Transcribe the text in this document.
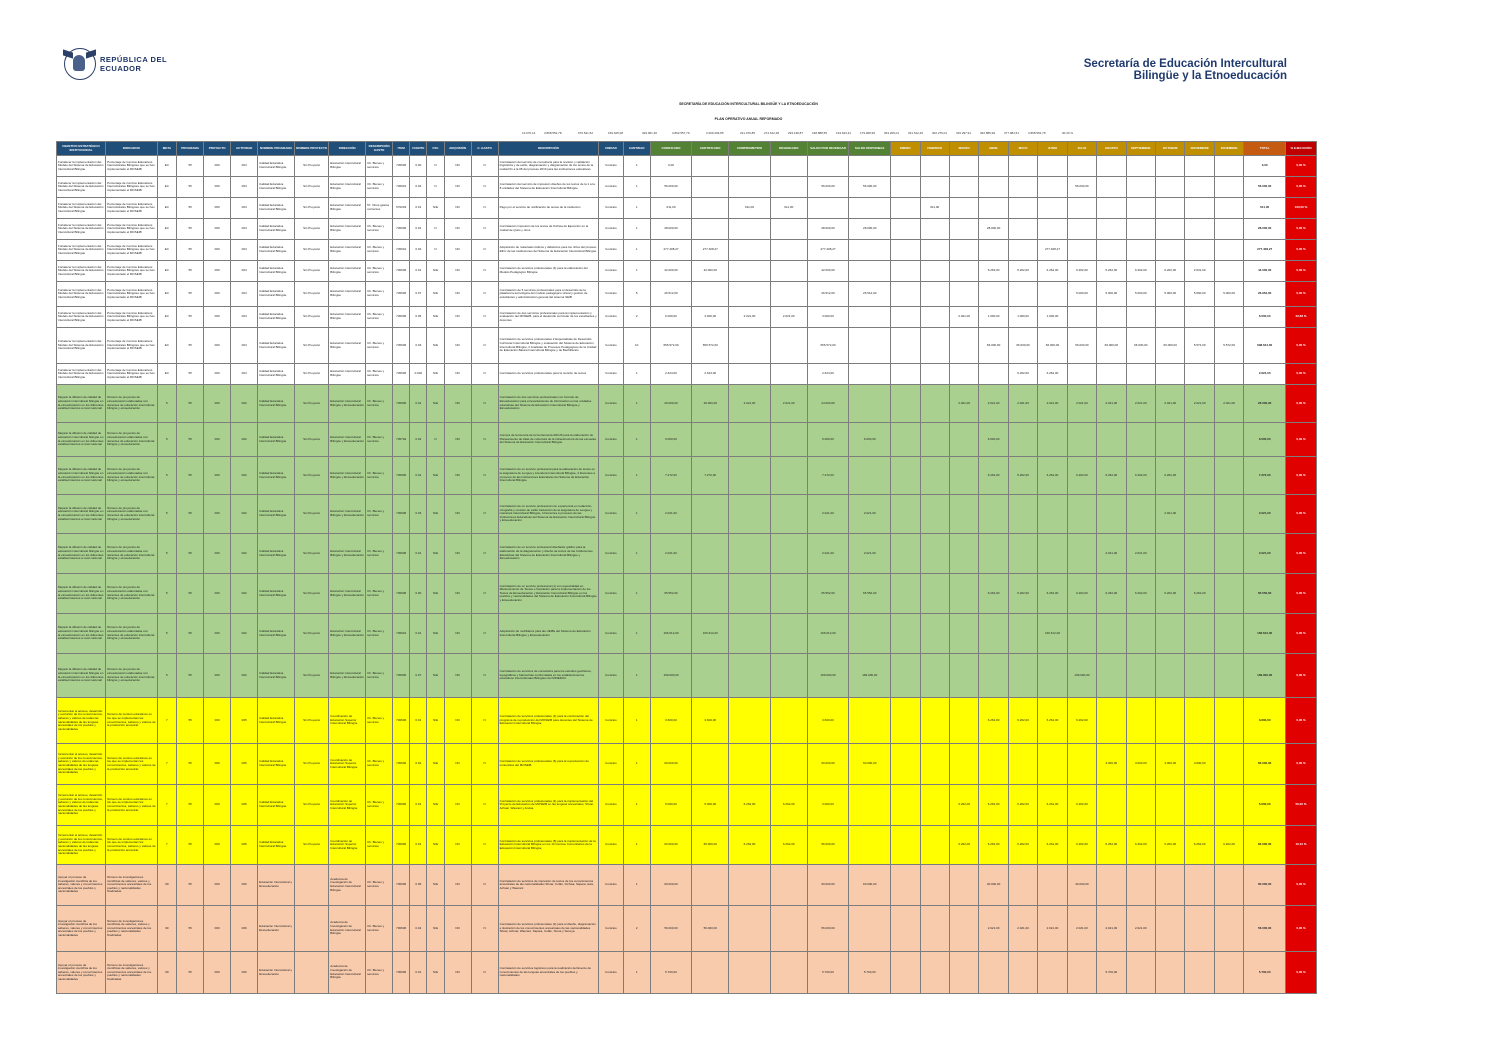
REPÚBLICA DEL ECUADOR	Secretaría de Educación Intercultural
Bilingüe y la Etnoeducación
SECRETARÍA DE EDUCACIÓN INTERCULTURAL BILINGÜE Y LA ETNOEDUCACIÓN
PLAN OPERATIVO ANUAL REFORMADO
13.670,14	3.868.552,78	676.521,52	159.625,08	329.061,30	3.892.557,79	3.209.209,85	221.076,85	274.612,28	293.138,87	168.888,55	193.623,31	179.008,95	363.209,01	331.612,25	302.279,01	315.297,91	362.885,99	377.984,51	3.868.552,78	30,30 %
OBJETIVO ESTRATÉGICO INSTITUCIONAL	INDICADOR	META	PROGRAMA	PROYECTO	ACTIVIDAD	NOMBRE PROGRAMA	NOMBRE PROYECTO	DIRECCIÓN	DESCRIPCIÓN GASTO	ITEM	FUENTE	FSC	ADQUISIÓN	C. GASTO	DESCRIPCIÓN	UNIDAD	CANTIDAD	CODIFICADO	CERTIFICADO	COMPROMETIDO	DEVENGADO	SALDO POR DEVENGAR	SALDO DISPONIBLE	ENERO	FEBRERO	MARZO	ABRIL	MAYO	JUNIO	JULIO	AGOSTO	SEPTIEMBRE	OCTUBRE	NOVIEMBRE	DICIEMBRE	TOTAL	% EJECUCIÓN
Fortalecer la implementación del Modelo del Sistema de Educación Intercultural Bilingüe	Porcentaje de Centros Educativos Interculturales Bilingües que se han implementado el MOSEIB	EC	55	000	004	Calidad Educativa Intercultural Bilingüe	Sin Proyecto	Educación Intercultural Bilingüe	Ch. Bienes y servicios	730606	0.00	N	NO	N	Contratación del servicio de consultoría para la revisión y validación lingüística y de estilo, diagramación y diagramación de los textos de la unidad 61 a la 65 del proceso 2019 para las instituciones educativas	Contrato	1	0,00																		0,00	0,00 %
Fortalecer la implementación del Modelo del Sistema de Educación Intercultural Bilingüe	Porcentaje de Centros Educativos Interculturales Bilingües que se han implementado el MOSEIB	EC	55	000	004	Calidad Educativa Intercultural Bilingüe	Sin Proyecto	Educación Intercultural Bilingüe	Ch. Bienes y servicios	730601	0.02	N	NO	N	Contratación del servicio de impresión diseños de los textos de la 1 a la 8 unidades del Sistema de Educación Intercultural Bilingüe	Contrato	1	56.000,00				56.000,00	56.000,00							56.000,00						56.000,00	0,00 %
Fortalecer la implementación del Modelo del Sistema de Educación Intercultural Bilingüe	Porcentaje de Centros Educativos Interculturales Bilingües que se han implementado el MOSEIB	EC	55	000	004	Calidad Educativa Intercultural Bilingüe	Sin Proyecto	Educación Intercultural Bilingüe	57. Otros gastos corrientes	570203	0.01	N/E	NO	N	Pago por el servicio de notificación de textos de la institución	Contrato	1	611,00		611,00	611,00				611,00											611,00	100,00 %
Fortalecer la implementación del Modelo del Sistema de Educación Intercultural Bilingüe	Porcentaje de Centros Educativos Interculturales Bilingües que se han implementado el MOSEIB	EC	55	000	004	Calidad Educativa Intercultural Bilingüe	Sin Proyecto	Educación Intercultural Bilingüe	Ch. Bienes y servicios	730606	0.01	N	NO	N	Contratación impresión de los textos de Kichwa de Ejecución en la ciudad de Quito y otros	Contrato	1	28.000,00				28.000,00	28.000,00				28.000,00									28.000,00	0,00 %
Fortalecer la implementación del Modelo del Sistema de Educación Intercultural Bilingüe	Porcentaje de Centros Educativos Interculturales Bilingües que se han implementado el MOSEIB	EC	55	000	004	Calidad Educativa Intercultural Bilingüe	Sin Proyecto	Educación Intercultural Bilingüe	Ch. Bienes y servicios	730601	0.02	N	NO	N	Adquisición de materiales lúdicos y didácticos para los niños del proceso EIFC de las instituciones del Sistema de Educación Intercultural Bilingüe	Contrato	1	277.408,27	277.408,27			277.408,27							277.408,27							277.408,27	0,00 %
Fortalecer la implementación del Modelo del Sistema de Educación Intercultural Bilingüe	Porcentaje de Centros Educativos Interculturales Bilingües que se han implementado el MOSEIB	EC	55	000	004	Calidad Educativa Intercultural Bilingüe	Sin Proyecto	Educación Intercultural Bilingüe	Ch. Bienes y servicios	730606	0.01	N/E	NO	N	Contratación de servicios profesionales (4) para la elaboración del Modelo Pedagógico Bilingüe	Contrato	1	42.000,00	42.000,00			42.000,00					6.262,00	6.262,00	6.262,00	6.262,00	6.262,00	6.262,00	6.262,00	2.631,00		44.000,00	0,00 %
Fortalecer la implementación del Modelo del Sistema de Educación Intercultural Bilingüe	Porcentaje de Centros Educativos Interculturales Bilingües que se han implementado el MOSEIB	EC	55	000	004	Calidad Educativa Intercultural Bilingüe	Sin Proyecto	Educación Intercultural Bilingüe	Ch. Bienes y servicios	730606	0.07	N/E	NO	N	Contratación de 5 servicios profesionales para el desarrollo de la plataforma tecnológica del modelo pedagógico virtual y gestión de estudiantes y administración general del sistema SEIB	Contrato	5	26.512,00				26.512,00	26.512,00							5.000,00	5.000,00	5.000,00	5.000,00	5.000,00	5.000,00	26.964,00	0,00 %
Fortalecer la implementación del Modelo del Sistema de Educación Intercultural Bilingüe	Porcentaje de Centros Educativos Interculturales Bilingües que se han implementado el MOSEIB	EC	55	000	004	Calidad Educativa Intercultural Bilingüe	Sin Proyecto	Educación Intercultural Bilingüe	Ch. Bienes y servicios	730606	0.05	N/E	NO	N	Contratación de dos servicios profesionales para la implementación y evaluación del MOSEIB, para el desarrollo curricular de los estudiantes y docentes	Contrato	2	6.000,00	3.000,00	2.021,00	2.021,00	3.000,00				2.021,00	1.000,00	1.000,00	1.000,00							6.000,00	33,68 %
Fortalecer la implementación del Modelo del Sistema de Educación Intercultural Bilingüe	Porcentaje de Centros Educativos Interculturales Bilingües que se han implementado el MOSEIB	EC	55	000	004	Calidad Educativa Intercultural Bilingüe	Sin Proyecto	Educación Intercultural Bilingüe	Ch. Bienes y servicios	730606	0.03	N/E	NO	N	Contratación de servicios profesionales 2 Especialistas de Desarrollo Curricular Intercultural Bilingüe y evaluación del Sistema de Educación Intercultural Bilingüe, 2 Analistas de Procesos Pedagógicos de la Unidad de Educación Básica Intercultural Bilingüe y de Bachillerato	Contrato	10	656.572,00	656.572,00			656.572,00					66.000,00	66.000,00	66.000,00	66.000,00	66.000,00	66.000,00	66.000,00	5.572,00	5.572,00	698.644,00	0,00 %
Fortalecer la implementación del Modelo del Sistema de Educación Intercultural Bilingüe	Porcentaje de Centros Educativos Interculturales Bilingües que se han implementado el MOSEIB	EC	55	000	004	Calidad Educativa Intercultural Bilingüe	Sin Proyecto	Educación Intercultural Bilingüe	Ch. Bienes y servicios	730606	0.002	N/E	NO	N	Contratación de servicios profesionales para la revisión de textos	Contrato	1	2.624,00	2.624,00			2.624,00						6.262,00	6.262,00							2.624,00	0,00 %
Mejorar la difusión de calidad de educación intercultural bilingüe en la etnoeducación en los diferentes establecimientos a nivel nacional	Número de proyectos de etnoeducación elaboradas con docentes de educación intercultural bilingüe y etnoeducación	5	55	000	002	Calidad Educativa Intercultural Bilingüe	Sin Proyecto	Educación Intercultural Bilingüe y Etnoeducación	Ch. Bienes y servicios	730606	0.01	N/E	NO	N	Contratación de dos servicios profesionales con formato de Etnoeducación para el levantamiento de información en las unidades educativas del Sistema de Educación Intercultural Bilingüe y Etnoeducación	Contrato	1	26.000,00	26.000,00	2.021,00	2.021,00	24.000,00				2.021,00	2.021,00	2.021,00	2.021,00	2.021,00	2.021,00	2.021,00	2.021,00	2.021,00	2.021,00	26.000,00	0,00 %
Mejorar la difusión de calidad de educación intercultural bilingüe en la etnoeducación en los diferentes establecimientos a nivel nacional	Número de proyectos de etnoeducación elaboradas con docentes de educación intercultural bilingüe y etnoeducación	5	55	000	002	Calidad Educativa Intercultural Bilingüe	Sin Proyecto	Educación Intercultural Bilingüe y Etnoeducación	Ch. Bienes y servicios	730702	0.02	N	NO	N	Compra de la licencia de la herramienta ARGIS para la elaboración de Planeamiento de Atlas de cobertura de la infraestructura de las escuelas del Sistema de Educación Intercultural Bilingüe	Contrato	1	6.000,00				6.000,00	6.000,00				6.000,00									6.000,00	0,00 %
Mejorar la difusión de calidad de educación intercultural bilingüe en la etnoeducación en los diferentes establecimientos a nivel nacional	Número de proyectos de etnoeducación elaboradas con docentes de educación intercultural bilingüe y etnoeducación	5	55	000	002	Calidad Educativa Intercultural Bilingüe	Sin Proyecto	Educación Intercultural Bilingüe y Etnoeducación	Ch. Bienes y servicios	730606	0.01	N/E	NO	N	Contratación de un servicio profesional para la elaboración de textos en la asignatura de Lengua y Literatura Intercultural Bilingüe, 4 Docentes a procesos de las Instituciones Educativas del Sistema de Educación Intercultural Bilingüe	Contrato	1	7.272,00	7.272,00			7.272,00					6.262,00	6.262,00	6.262,00	6.262,00	6.262,00	6.262,00	6.262,00			7.272,00	0,00 %
Mejorar la difusión de calidad de educación intercultural bilingüe en la etnoeducación en los diferentes establecimientos a nivel nacional	Número de proyectos de etnoeducación elaboradas con docentes de educación intercultural bilingüe y etnoeducación	5	55	000	002	Calidad Educativa Intercultural Bilingüe	Sin Proyecto	Educación Intercultural Bilingüe y Etnoeducación	Ch. Bienes y servicios	730606	0.03	N/E	NO	N	Contratación de un servicio profesional con experiencia en redacción, ortografía y revisión de estilo traducción de la asignatura de Lengua y Literatura Intercultural Bilingüe, 4 Docentes a procesos de las Instituciones Educativas del Sistema de Educación Intercultural Bilingüe y Etnoeducación	Contrato	1	2.021,00				2.021,00	2.021,00										2.021,00			2.021,00	0,00 %
Mejorar la difusión de calidad de educación intercultural bilingüe en la etnoeducación en los diferentes establecimientos a nivel nacional	Número de proyectos de etnoeducación elaboradas con docentes de educación intercultural bilingüe y etnoeducación	5	55	000	002	Calidad Educativa Intercultural Bilingüe	Sin Proyecto	Educación Intercultural Bilingüe y Etnoeducación	Ch. Bienes y servicios	730606	0.01	N/E	NO	N	Contratación de un servicio profesional diseñador gráfico para la elaboración de la diagramación y diseño de textos de las Instituciones Educativas del Sistema de Educación Intercultural Bilingüe y Etnoeducación	Contrato	1	2.021,00				2.021,00	2.021,00								2.021,00	2.021,00				2.021,00	0,00 %
Mejorar la difusión de calidad de educación intercultural bilingüe en la etnoeducación en los diferentes establecimientos a nivel nacional	Número de proyectos de etnoeducación elaboradas con docentes de educación intercultural bilingüe y etnoeducación	5	55	000	002	Calidad Educativa Intercultural Bilingüe	Sin Proyecto	Educación Intercultural Bilingüe y Etnoeducación	Ch. Bienes y servicios	730606	0.00	N/E	NO	N	Contratación de un servicio profesional (1) con especialidad en Mantenimiento de Textos e Ilustración para la implementación de los Textos de Etnoeducación y Educación Intercultural Bilingüe en los pueblos y nacionalidades del Sistema de Educación Intercultural Bilingüe y Etnoeducación	Contrato	1	65.552,00				65.552,00	65.552,00				6.262,00	6.262,00	6.262,00	6.262,00	6.262,00	6.262,00	6.262,00	6.262,00		65.552,00	0,00 %
Mejorar la difusión de calidad de educación intercultural bilingüe en la etnoeducación en los diferentes establecimientos a nivel nacional	Número de proyectos de etnoeducación elaboradas con docentes de educación intercultural bilingüe y etnoeducación	5	55	000	002	Calidad Educativa Intercultural Bilingüe	Sin Proyecto	Educación Intercultural Bilingüe y Etnoeducación	Ch. Bienes y servicios	730601	0.01	N/E	NO	N	Adquisición de mobiliarios para las UEIBs del Sistema de Educación Intercultural Bilingüe y Etnoeducación	Contrato	1	166.612,00	166.612,00			166.612,00							166.612,00							166.612,00	0,00 %
Mejorar la difusión de calidad de educación intercultural bilingüe en la etnoeducación en los diferentes establecimientos a nivel nacional	Número de proyectos de etnoeducación elaboradas con docentes de educación intercultural bilingüe y etnoeducación	5	55	000	002	Calidad Educativa Intercultural Bilingüe	Sin Proyecto	Educación Intercultural Bilingüe y Etnoeducación	Ch. Bienes y servicios	730606	0.07	N/E	NO	N	Contratación de servicios de consultoría para los estudios geofísicos, topográficos y batimetrías confrontadas en los establecimientos educativos Interculturales Bilingües del MINEDUC	Contrato	1	169.000,00				169.000,00	169.000,00							169.000,00						169.000,00	0,00 %
Incrementar el acceso, desarrollo y evolución de los conocimientos, saberes y valores de todas las nacionalidades de las lenguas ancestrales de los pueblos y nacionalidades	Número de centros educativos en los que se implementan los conocimientos, saberes y valores de la producción ancestral.	7	55	000	005	Calidad Educativa Intercultural Bilingüe	Sin Proyecto	Coordinación de Educación Superior Intercultural Bilingüe	Ch. Bienes y servicios	730606	0.01	N/E	NO	N	Contratación de servicios profesionales (4) para la continuación del programa de reproducción del MOSEIB para docentes del Sistema de Educación Intercultural Bilingüe	Contrato	1	3.600,00	3.600,00			3.600,00					6.262,00	6.262,00	6.262,00	6.262,00						3.600,00	0,00 %
Incrementar el acceso, desarrollo y evolución de los conocimientos, saberes y valores de todas las nacionalidades de las lenguas ancestrales de los pueblos y nacionalidades	Número de centros educativos en los que se implementan los conocimientos, saberes y valores de la producción ancestral.	7	55	000	005	Calidad Educativa Intercultural Bilingüe	Sin Proyecto	Coordinación de Educación Superior Intercultural Bilingüe	Ch. Bienes y servicios	730606	0.02	N/E	NO	N	Contratación de servicios profesionales (6) para la reproducción de contenidos del MOSEIB	Contrato	1	60.000,00				60.000,00	60.000,00								3.000,00	3.000,00	3.000,00	3.000,00		60.000,00	0,00 %
Incrementar el acceso, desarrollo y evolución de los conocimientos, saberes y valores de todas las nacionalidades de las lenguas ancestrales de los pueblos y nacionalidades	Número de centros educativos en los que se implementan los conocimientos, saberes y valores de la producción ancestral.	7	55	000	005	Calidad Educativa Intercultural Bilingüe	Sin Proyecto	Coordinación de Educación Superior Intercultural Bilingüe	Ch. Bienes y servicios	730606	0.01	N/E	NO	N	Contratación de servicios profesionales (4) para la implementación del Proyecto de Educación de MOSEIB en las lenguas ancestrales, Shuar, Achuar, Waorani y Andoa	Contrato	1	5.000,00	5.000,00	6.262,00	6.262,00	3.000,00				6.262,00	6.262,00	6.262,00	6.262,00	6.262,00						5.000,00	50,00 %
Incrementar el acceso, desarrollo y evolución de los conocimientos, saberes y valores de todas las nacionalidades de las lenguas ancestrales de los pueblos y nacionalidades	Número de centros educativos en los que se implementan los conocimientos, saberes y valores de la producción ancestral.	7	55	000	005	Calidad Educativa Intercultural Bilingüe	Sin Proyecto	Coordinación de Educación Superior Intercultural Bilingüe	Ch. Bienes y servicios	730606	0.01	N/E	NO	N	Contratación de servicios profesionales (8) para la implementación de la Educación Intercultural Bilingüe en los 14 Centros Comunitarios de la Educación Intercultural Bilingüe	Contrato	1	62.000,00	56.000,00	6.262,00	6.262,00	56.000,00				6.262,00	6.262,00	6.262,00	6.262,00	6.262,00	6.262,00	6.262,00	6.262,00	6.262,00	6.262,00	62.000,00	10,10 %
Apoyar el proceso de investigación científica de los saberes, valores y conocimientos ancestrales de los pueblos y nacionalidades	Número de investigaciones científicas de saberes, valores y conocimientos ancestrales de los pueblos y nacionalidades finalizadas	90	55	000	006	Educación Intercultural y Etnoeducación		Academia de Investigación de Educación Intercultural Bilingüe	Ch. Bienes y servicios	730606	0.05	N/E	NO	N	Contratación de servicios de impresión de textos de los conocimientos ancestrales de las nacionalidades Shuar, Cofán, Kichwa, Sapara, Awa, Achuar y Waorani	Contrato	1	60.000,00				60.000,00	60.000,00				30.000,00			30.000,00						60.000,00	0,00 %
Apoyar el proceso de investigación científica de los saberes, valores y conocimientos ancestrales de los pueblos y nacionalidades	Número de investigaciones científicas de saberes, valores y conocimientos ancestrales de los pueblos y nacionalidades finalizadas	90	55	000	006	Educación Intercultural y Etnoeducación		Academia de Investigación de Educación Intercultural Bilingüe	Ch. Bienes y servicios	730606	0.02	N/E	NO	N	Contratación de servicios profesionales (2) para el diseño, diagramación e ilustración de los conocimientos ancestrales de las nacionalidades Shuar, Achuar, Waorani, Sapara, Cofán, Siona y Secoya	Contrato	2	56.000,00	56.000,00			56.000,00					2.021,00	2.021,00	2.021,00	2.021,00	2.021,00	2.021,00				56.000,00	0,00 %
Apoyar el proceso de investigación científica de los saberes, valores y conocimientos ancestrales de los pueblos y nacionalidades	Número de investigaciones científicas de saberes, valores y conocimientos ancestrales de los pueblos y nacionalidades finalizadas	90	55	000	006	Educación Intercultural y Etnoeducación		Academia de Investigación de Educación Intercultural Bilingüe	Ch. Bienes y servicios	730606	0.01	N/E	NO	N	Contratación de servicios logísticos para la realización del Evento de conocimientos de las lenguas ancestrales de los pueblos y nacionalidades	Contrato	1	5.700,00				5.700,00	5.700,00								5.700,00					5.700,00	0,00 %
